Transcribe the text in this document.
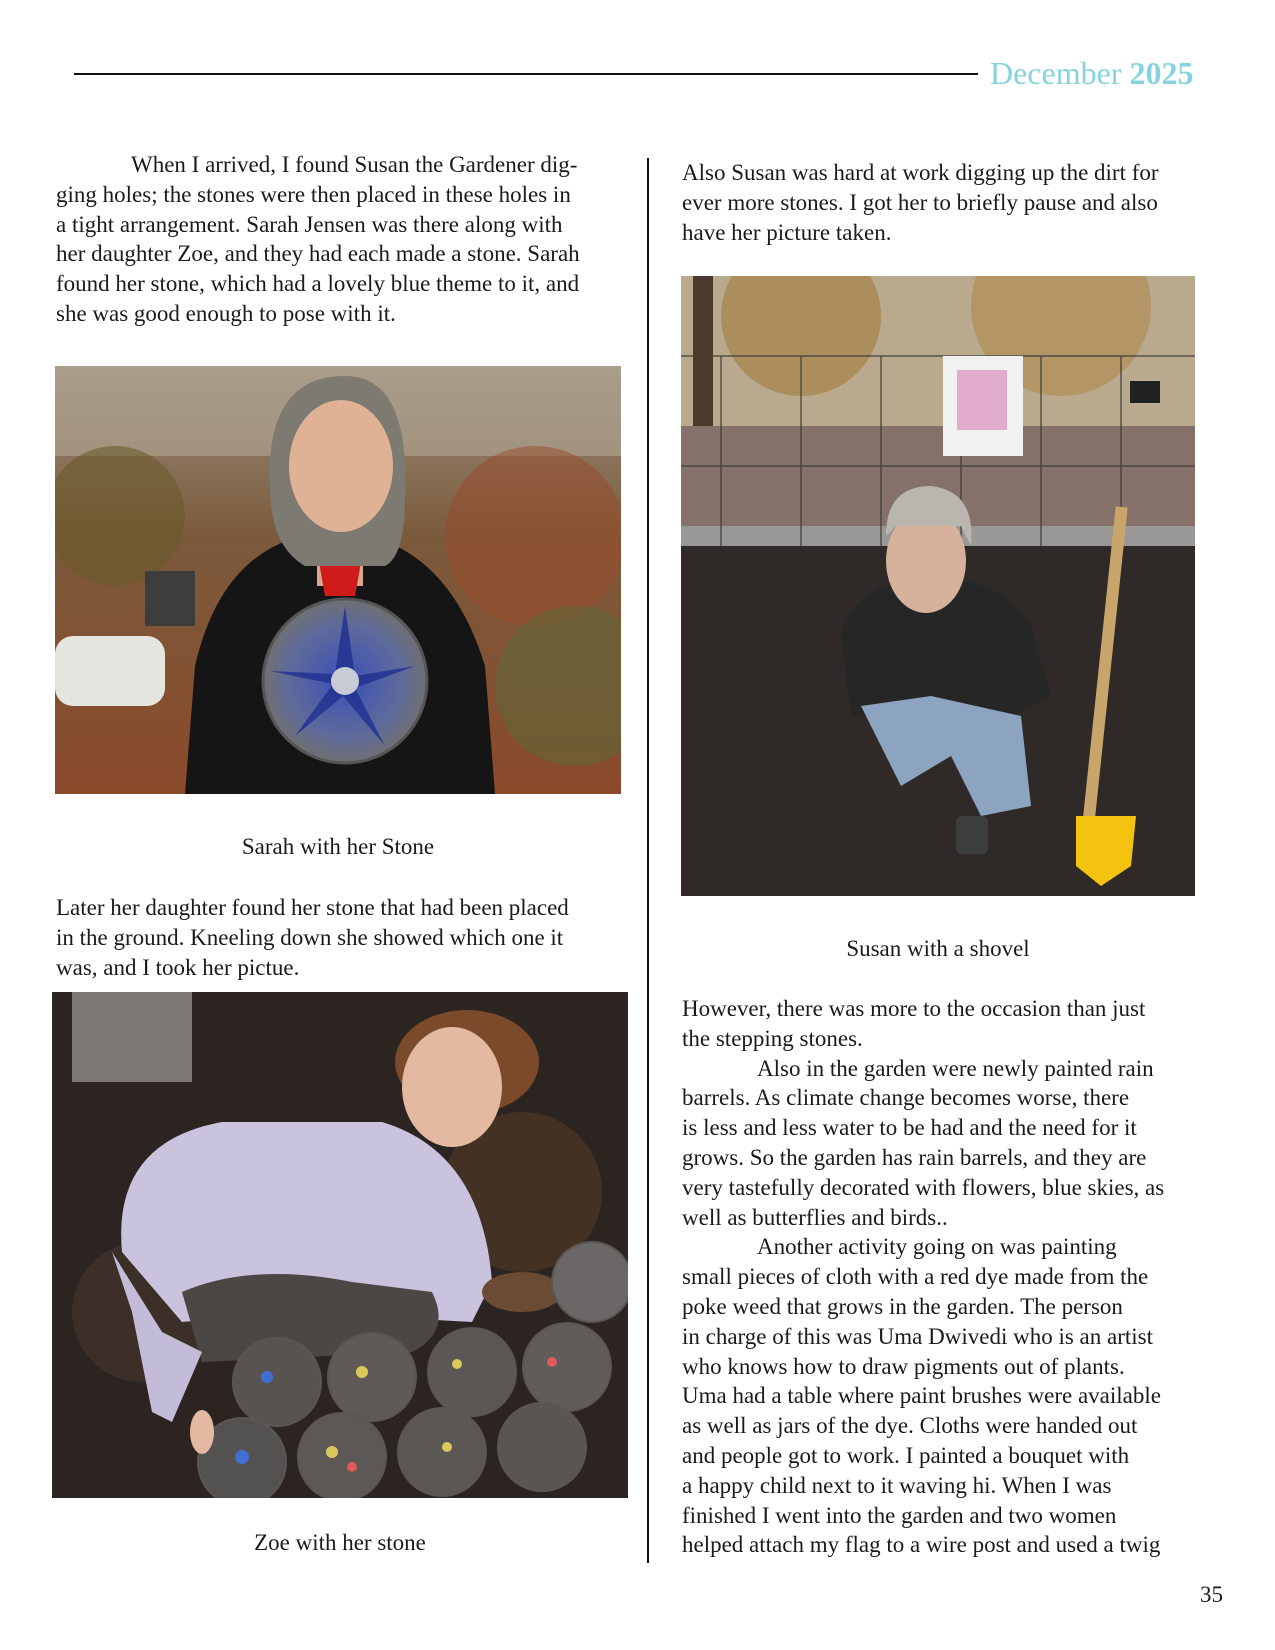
December 2025

When I arrived, I found Susan the Gardener dig-
ging holes; the stones were then placed in these holes in
a tight arrangement. Sarah Jensen was there along with
her daughter Zoe, and they had each made a stone. Sarah
found her stone, which had a lovely blue theme to it, and
she was good enough to pose with it.

Sarah with her Stone

Later her daughter found her stone that had been placed
in the ground. Kneeling down she showed which one it
was, and I took her pictue.

Zoe with her stone

Also Susan was hard at work digging up the dirt for
ever more stones. I got her to briefly pause and also
have her picture taken.

Susan with a shovel

However, there was more to the occasion than just
the stepping stones.
Also in the garden were newly painted rain
barrels. As climate change becomes worse, there
is less and less water to be had and the need for it
grows. So the garden has rain barrels, and they are
very tastefully decorated with flowers, blue skies, as
well as butterflies and birds..
Another activity going on was painting
small pieces of cloth with a red dye made from the
poke weed that grows in the garden. The person
in charge of this was Uma Dwivedi who is an artist
who knows how to draw pigments out of plants.
Uma had a table where paint brushes were available
as well as jars of the dye. Cloths were handed out
and people got to work. I painted a bouquet with
a happy child next to it waving hi. When I was
finished I went into the garden and two women
helped attach my flag to a wire post and used a twig

35
